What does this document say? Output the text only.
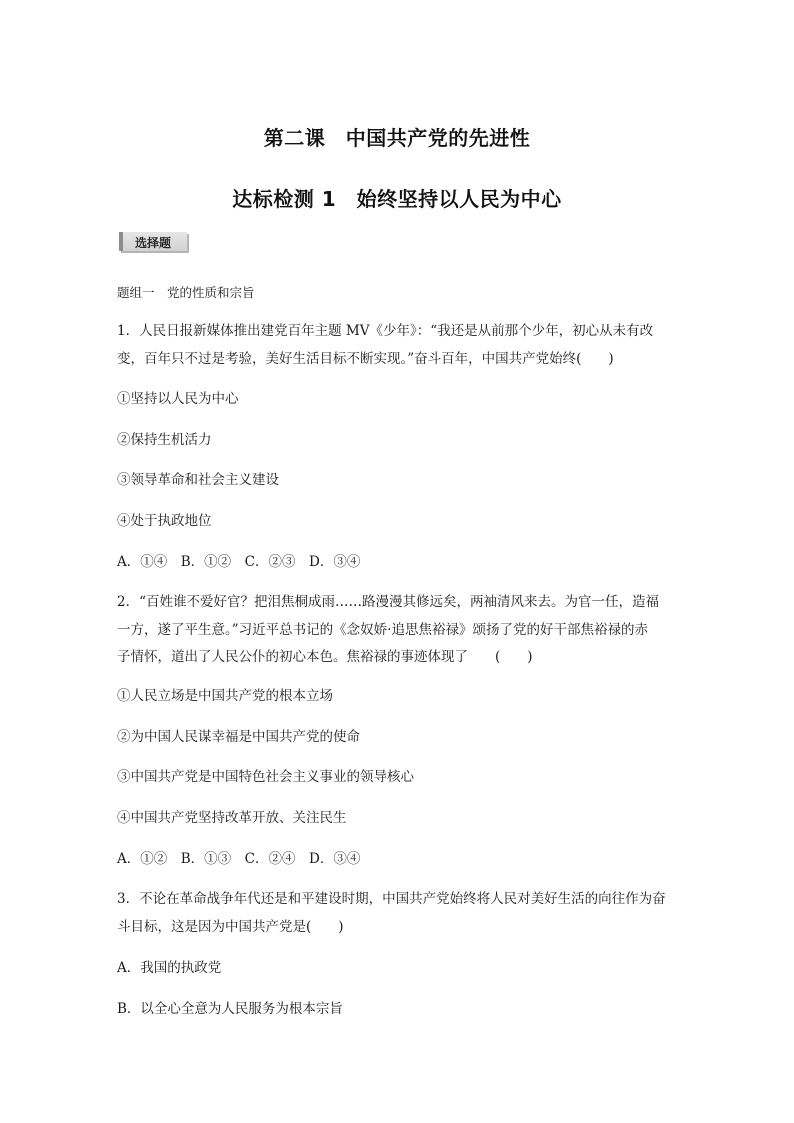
第二课　中国共产党的先进性
达标检测 1　始终坚持以人民为中心
选择题
题组一　党的性质和宗旨
1．人民日报新媒体推出建党百年主题 MV《少年》：“我还是从前那个少年，初心从未有改
变，百年只不过是考验，美好生活目标不断实现。”奋斗百年，中国共产党始终(　　)
①坚持以人民为中心
②保持生机活力
③领导革命和社会主义建设
④处于执政地位
A．①④　B．①②　C．②③　D．③④
2．“百姓谁不爱好官？把泪焦桐成雨……路漫漫其修远矣，两袖清风来去。为官一任，造福
一方，遂了平生意。”习近平总书记的《念奴娇·追思焦裕禄》颂扬了党的好干部焦裕禄的赤
子情怀，道出了人民公仆的初心本色。焦裕禄的事迹体现了　　(　　)
①人民立场是中国共产党的根本立场
②为中国人民谋幸福是中国共产党的使命
③中国共产党是中国特色社会主义事业的领导核心
④中国共产党坚持改革开放、关注民生
A．①②　B．①③　C．②④　D．③④
3．不论在革命战争年代还是和平建设时期，中国共产党始终将人民对美好生活的向往作为奋
斗目标，这是因为中国共产党是(　　)
A．我国的执政党
B．以全心全意为人民服务为根本宗旨
